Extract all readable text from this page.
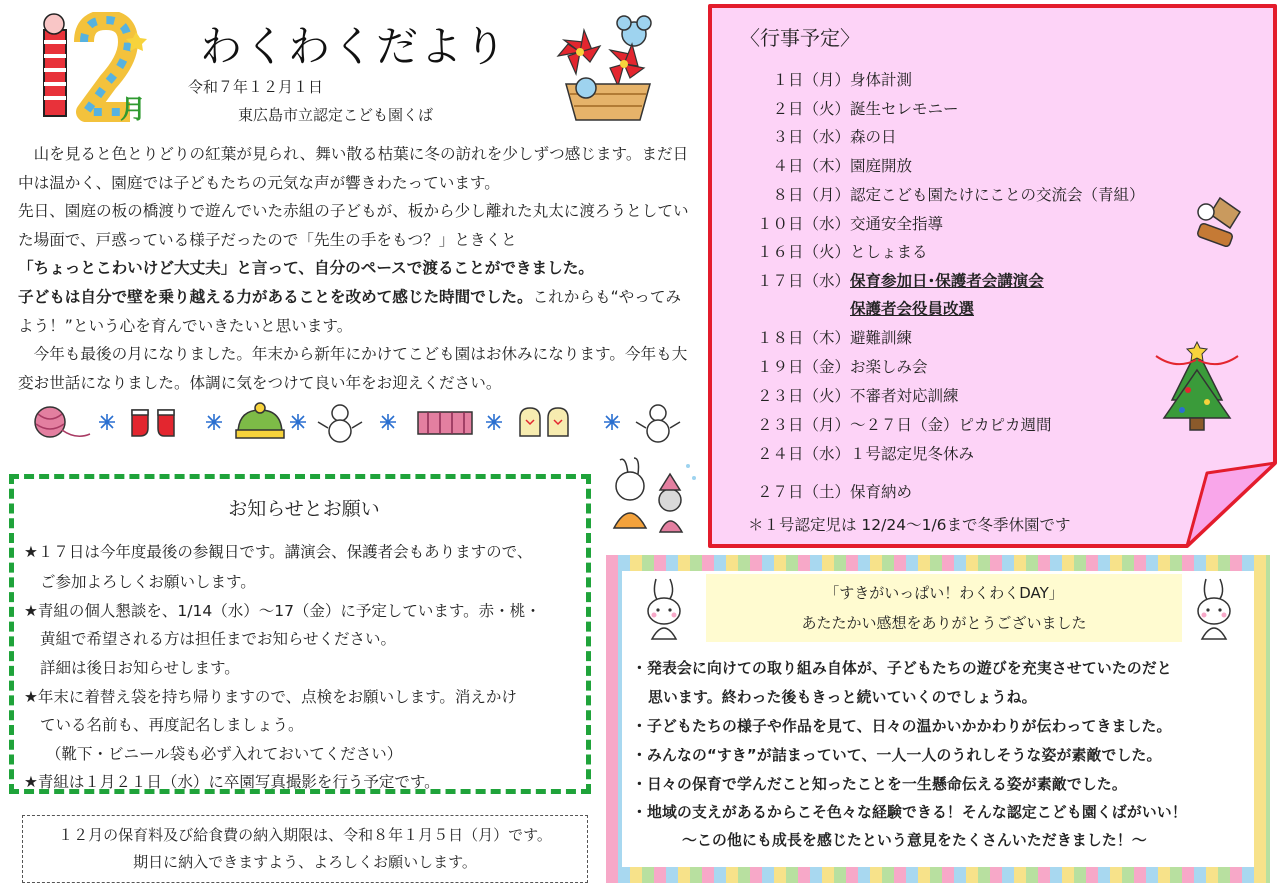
月
わくわくだより
令和７年１２月１日
東広島市立認定こども園くば

山を見ると色とりどりの紅葉が見られ、舞い散る枯葉に冬の訪れを少しずつ感じます。まだ日中は温かく、園庭では子どもたちの元気な声が響きわたっています。

先日、園庭の板の橋渡りで遊んでいた赤組の子どもが、板から少し離れた丸太に渡ろうとしていた場面で、戸惑っている様子だったので「先生の手をもつ？」ときくと
「ちょっとこわいけど大丈夫」と言って、自分のペースで渡ることができました。
子どもは自分で壁を乗り越える力があることを改めて感じた時間でした。これからも“やってみよう！”という心を育んでいきたいと思います。

今年も最後の月になりました。年末から新年にかけてこども園はお休みになります。今年も大変お世話になりました。体調に気をつけて良い年をお迎えください。

〈行事予定〉
１日（月） 身体計測
２日（火） 誕生セレモニー
３日（水） 森の日
４日（木） 園庭開放
８日（月） 認定こども園たけにことの交流会（青組）
１０日（水） 交通安全指導
１６日（火） としょまる
１７日（水） 保育参加日･保護者会講演会
保護者会役員改選
１８日（木） 避難訓練
１９日（金） お楽しみ会
２３日（火） 不審者対応訓練
２３日（月） ～２７日（金）ピカピカ週間
２４日（水） １号認定児冬休み
２７日（土） 保育納め
＊１号認定児は 12/24～1/6まで冬季休園です
お知らせとお願い
★１７日は今年度最後の参観日です。講演会、保護者会もありますので、
ご参加よろしくお願いします。
★青組の個人懇談を、1/14（水）～17（金）に予定しています。赤・桃・
黄組で希望される方は担任までお知らせください。
詳細は後日お知らせします。
★年末に着替え袋を持ち帰りますので、点検をお願いします。消えかけ
ている名前も、再度記名しましょう。
（靴下・ビニール袋も必ず入れておいてください）
★青組は１月２１日（水）に卒園写真撮影を行う予定です。
１２月の保育料及び給食費の納入期限は、令和８年１月５日（月）です。
期日に納入できますよう、よろしくお願いします。
「すきがいっぱい！わくわくDAY」
あたたかい感想をありがとうございました
・発表会に向けての取り組み自体が、子どもたちの遊びを充実させていたのだと
思います。終わった後もきっと続いていくのでしょうね。
・子どもたちの様子や作品を見て、日々の温かいかかわりが伝わってきました。
・みんなの“すき”が詰まっていて、一人一人のうれしそうな姿が素敵でした。
・日々の保育で学んだこと知ったことを一生懸命伝える姿が素敵でした。
・地域の支えがあるからこそ色々な経験できる！そんな認定こども園くばがいい！
～この他にも成長を感じたという意見をたくさんいただきました！～
